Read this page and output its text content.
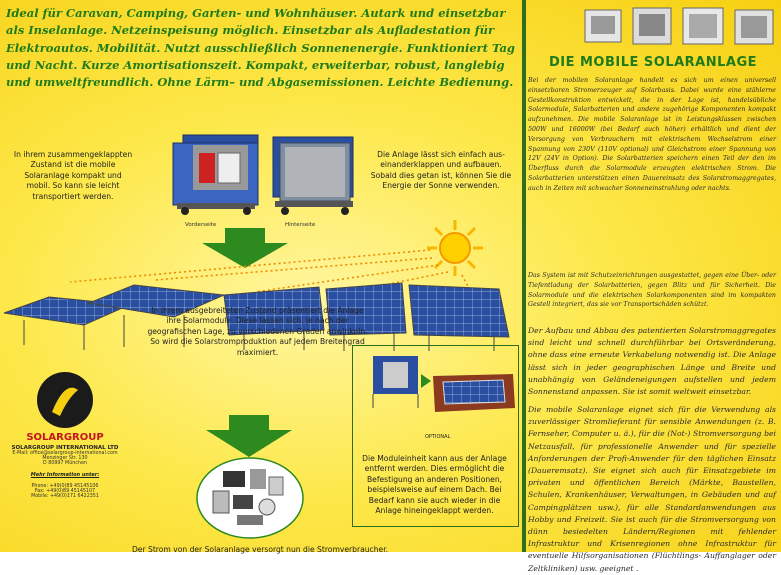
Ideal für Caravan, Camping, Garten- und Wohnhäuser. Autark und einsetzbar als Inselanlage. Netzeinspeisung möglich. Einsetzbar als Aufladestation für Elektroautos. Mobilität. Nutzt ausschließlich Sonnenenergie. Funktioniert Tag und Nacht. Kurze Amortisationszeit. Kompakt, erweiterbar, robust, langlebig und umweltfreundlich. Ohne Lärm– und Abgasemissionen. Leichte Bedienung.

In ihrem zusammengeklappten Zustand ist die mobile Solaranlage kompakt und mobil. So kann sie leicht transportiert werden.

Die Anlage lässt sich einfach aus- einanderklappen und aufbauen. Sobald dies getan ist, können Sie die Energie der Sonne verwenden.

Vorderseite	Hinterseite

In ihrem ausgebreiteten Zustand präsentiert die Anlage ihre Solarmodule. Diese lassen sich, je nach der geografischen Lage, zu verschiedenen Graden anwinkeln. So wird die Solarstromproduktion auf jedem Breitengrad maximiert.

SOLARGROUP
SOLARGROUP INTERNATIONAL LTD
E-Mail: office@solargroup-international.com
Menzinger Str. 130
D 80997 München
Mehr Information unter:
Phone: +49(0)89 45145106
Fax: +49(0)89 45145107
Mobile: +49(0)171 6422351

Der Strom von der Solaranlage versorgt nun die Stromverbraucher.

OPTIONAL

Die Moduleinheit kann aus der Anlage entfernt werden. Dies ermöglicht die Befestigung an anderen Positionen, beispielsweise auf einem Dach. Bei Bedarf kann sie auch wieder in die Anlage hineingeklappt werden.

DIE MOBILE SOLARANLAGE

Bei der mobilen Solaranlage handelt es sich um einen universell einsetzbaren Stromerzeuger auf Solarbasis. Dabei wurde eine stählerne Gestellkonstruktion entwickelt, die in der Lage ist, handelsübliche Solarmodule, Solarbatterien und andere zugehörige Komponenten kompakt aufzunehmen. Die mobile Solaranlage ist in Leistungsklassen zwischen 500W und 16000W (bei Bedarf auch höher) erhältlich und dient der Versorgung von Verbrauchern mit elektrischem Wechselstrom einer Spannung von 230V (110V optional) und Gleichstrom einer Spannung von 12V (24V in Option). Die Solarbatterien speichern einen Teil der den im Überfluss durch die Solarmodule erzeugten elektrischen Strom. Die Solarbatterien unterstützen einen Dauereinsatz des Solarstromaggregates, auch in Zeiten mit schwacher Sonneneinstrahlung oder nachts.

Das System ist mit Schutzeinrichtungen ausgestattet, gegen eine Über- oder Tiefentladung der Solarbatterien, gegen Blitz und für Sicherheit. Die Solarmodule und die elektrischen Solarkomponenten sind im kompakten Gestell integriert, das sie vor Transportschäden schützt.

Der Aufbau und Abbau des patentierten Solarstromaggregates sind leicht und schnell durchführbar bei Ortsveränderung, ohne dass eine erneute Verkabelung notwendig ist. Die Anlage lässt sich in jeder geographischen Länge und Breite und unabhängig von Geländeneigungen aufstellen und jedem Sonnenstand anpassen. Sie ist somit weltweit einsetzbar.

Die mobile Solaranlage eignet sich für die Verwendung als zuverlässiger Stromlieferant für sensible Anwendungen (z. B. Fernseher, Computer u. ä.), für die (Not-) Stromversorgung bei Netzausfall, für professionelle Anwender und für spezielle Anforderungen der Profi-Anwender für den täglichen Einsatz (Daueremsatz). Sie eignet sich auch für Einsatzgebiete im privaten und öffentlichen Bereich (Märkte, Baustellen, Schulen, Krankenhäuser, Verwaltungen, in Gebäuden und auf Campingplätzen usw.), für alle Standardanwendungen aus Hobby und Freizeit. Sie ist auch für die Stromversorgung von dünn besiedelten Ländern/Regionen mit fehlender Infrastruktur und Krisenregionen ohne Infrastruktur für eventuelle Hilfsorganisationen (Flüchtlings- Auffanglager oder Zeltkliniken) usw. geeignet .
